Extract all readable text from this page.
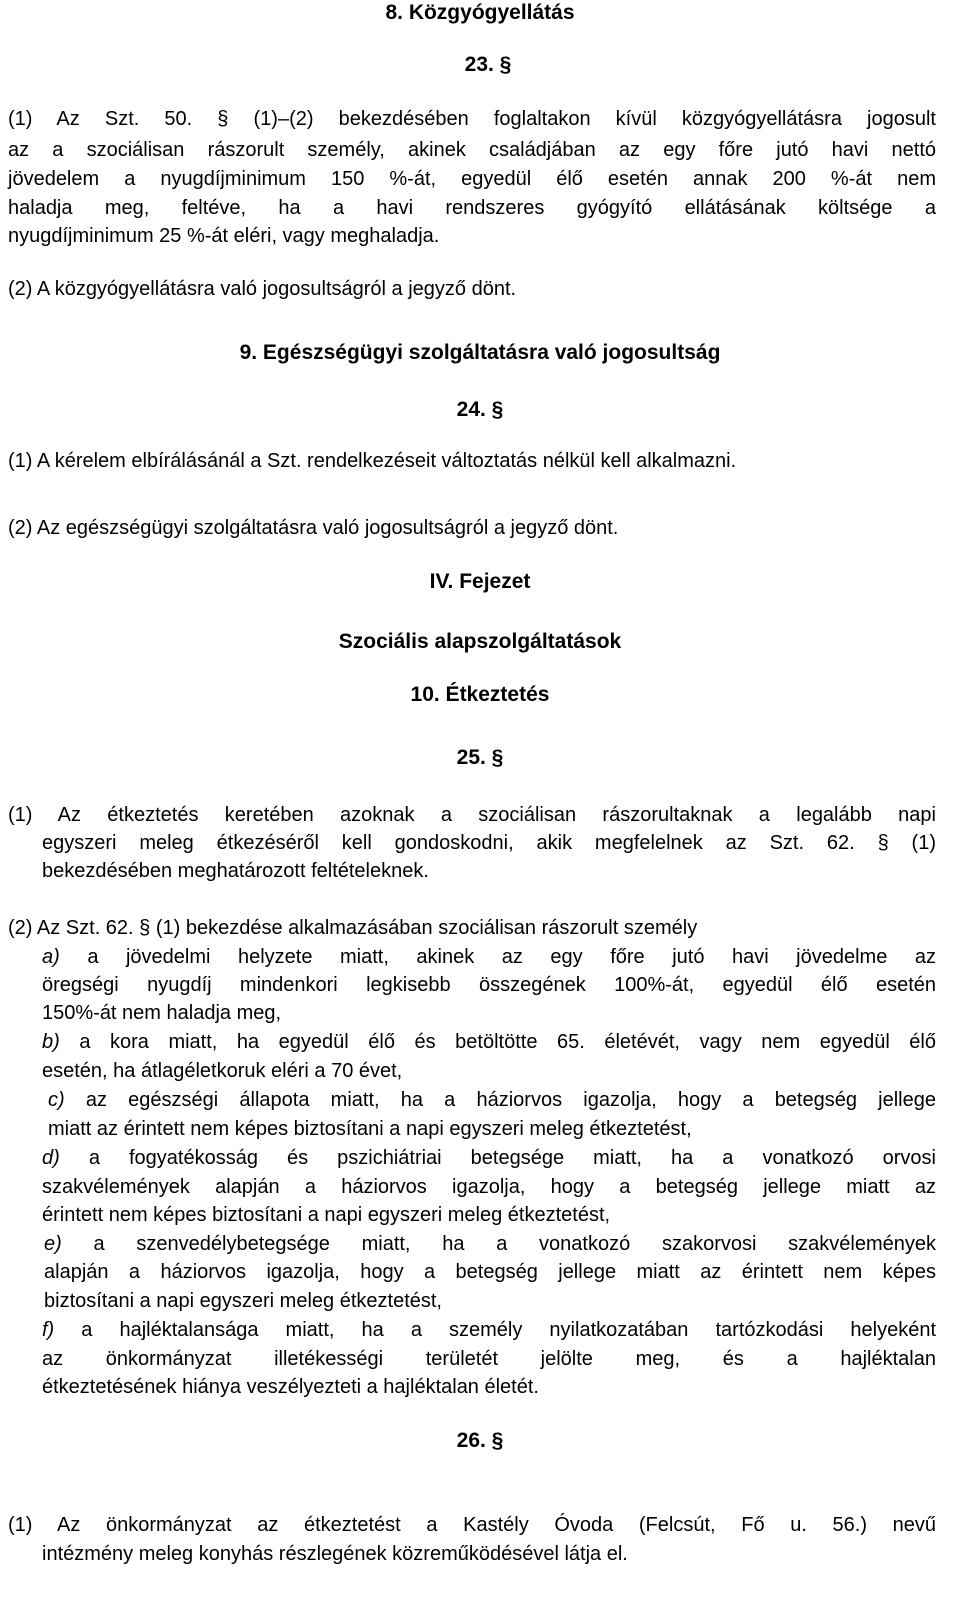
8. Közgyógyellátás
23. §
(1) Az Szt. 50. § (1)–(2) bekezdésében foglaltakon kívül közgyógyellátásra jogosult
az a szociálisan rászorult személy, akinek családjában az egy főre jutó havi nettó
jövedelem a nyugdíjminimum 150 %-át, egyedül élő esetén annak 200 %-át nem
haladja meg, feltéve, ha a havi rendszeres gyógyító ellátásának költsége a
nyugdíjminimum 25 %-át eléri, vagy meghaladja.
(2) A közgyógyellátásra való jogosultságról a jegyző dönt.
9. Egészségügyi szolgáltatásra való jogosultság
24. §
(1) A kérelem elbírálásánál a Szt. rendelkezéseit változtatás nélkül kell alkalmazni.
(2) Az egészségügyi szolgáltatásra való jogosultságról a jegyző dönt.
IV. Fejezet
Szociális alapszolgáltatások
10. Étkeztetés
25. §
(1) Az étkeztetés keretében azoknak a szociálisan rászorultaknak a legalább napi
egyszeri meleg étkezéséről kell gondoskodni, akik megfelelnek az Szt. 62. § (1)
bekezdésében meghatározott feltételeknek.
(2) Az Szt. 62. § (1) bekezdése alkalmazásában szociálisan rászorult személy
a) a jövedelmi helyzete miatt, akinek az egy főre jutó havi jövedelme az
öregségi nyugdíj mindenkori legkisebb összegének 100%-át, egyedül élő esetén
150%-át nem haladja meg,
b) a kora miatt, ha egyedül élő és betöltötte 65. életévét, vagy nem egyedül élő
esetén, ha átlagéletkoruk eléri a 70 évet,
c) az egészségi állapota miatt, ha a háziorvos igazolja, hogy a betegség jellege
miatt az érintett nem képes biztosítani a napi egyszeri meleg étkeztetést,
d) a fogyatékosság és pszichiátriai betegsége miatt, ha a vonatkozó orvosi
szakvélemények alapján a háziorvos igazolja, hogy a betegség jellege miatt az
érintett nem képes biztosítani a napi egyszeri meleg étkeztetést,
e) a szenvedélybetegsége miatt, ha a vonatkozó szakorvosi szakvélemények
alapján a háziorvos igazolja, hogy a betegség jellege miatt az érintett nem képes
biztosítani a napi egyszeri meleg étkeztetést,
f) a hajléktalansága miatt, ha a személy nyilatkozatában tartózkodási helyeként
az önkormányzat illetékességi területét jelölte meg, és a hajléktalan
étkeztetésének hiánya veszélyezteti a hajléktalan életét.
26. §
(1) Az önkormányzat az étkeztetést a Kastély Óvoda (Felcsút, Fő u. 56.) nevű
intézmény meleg konyhás részlegének közreműködésével látja el.
